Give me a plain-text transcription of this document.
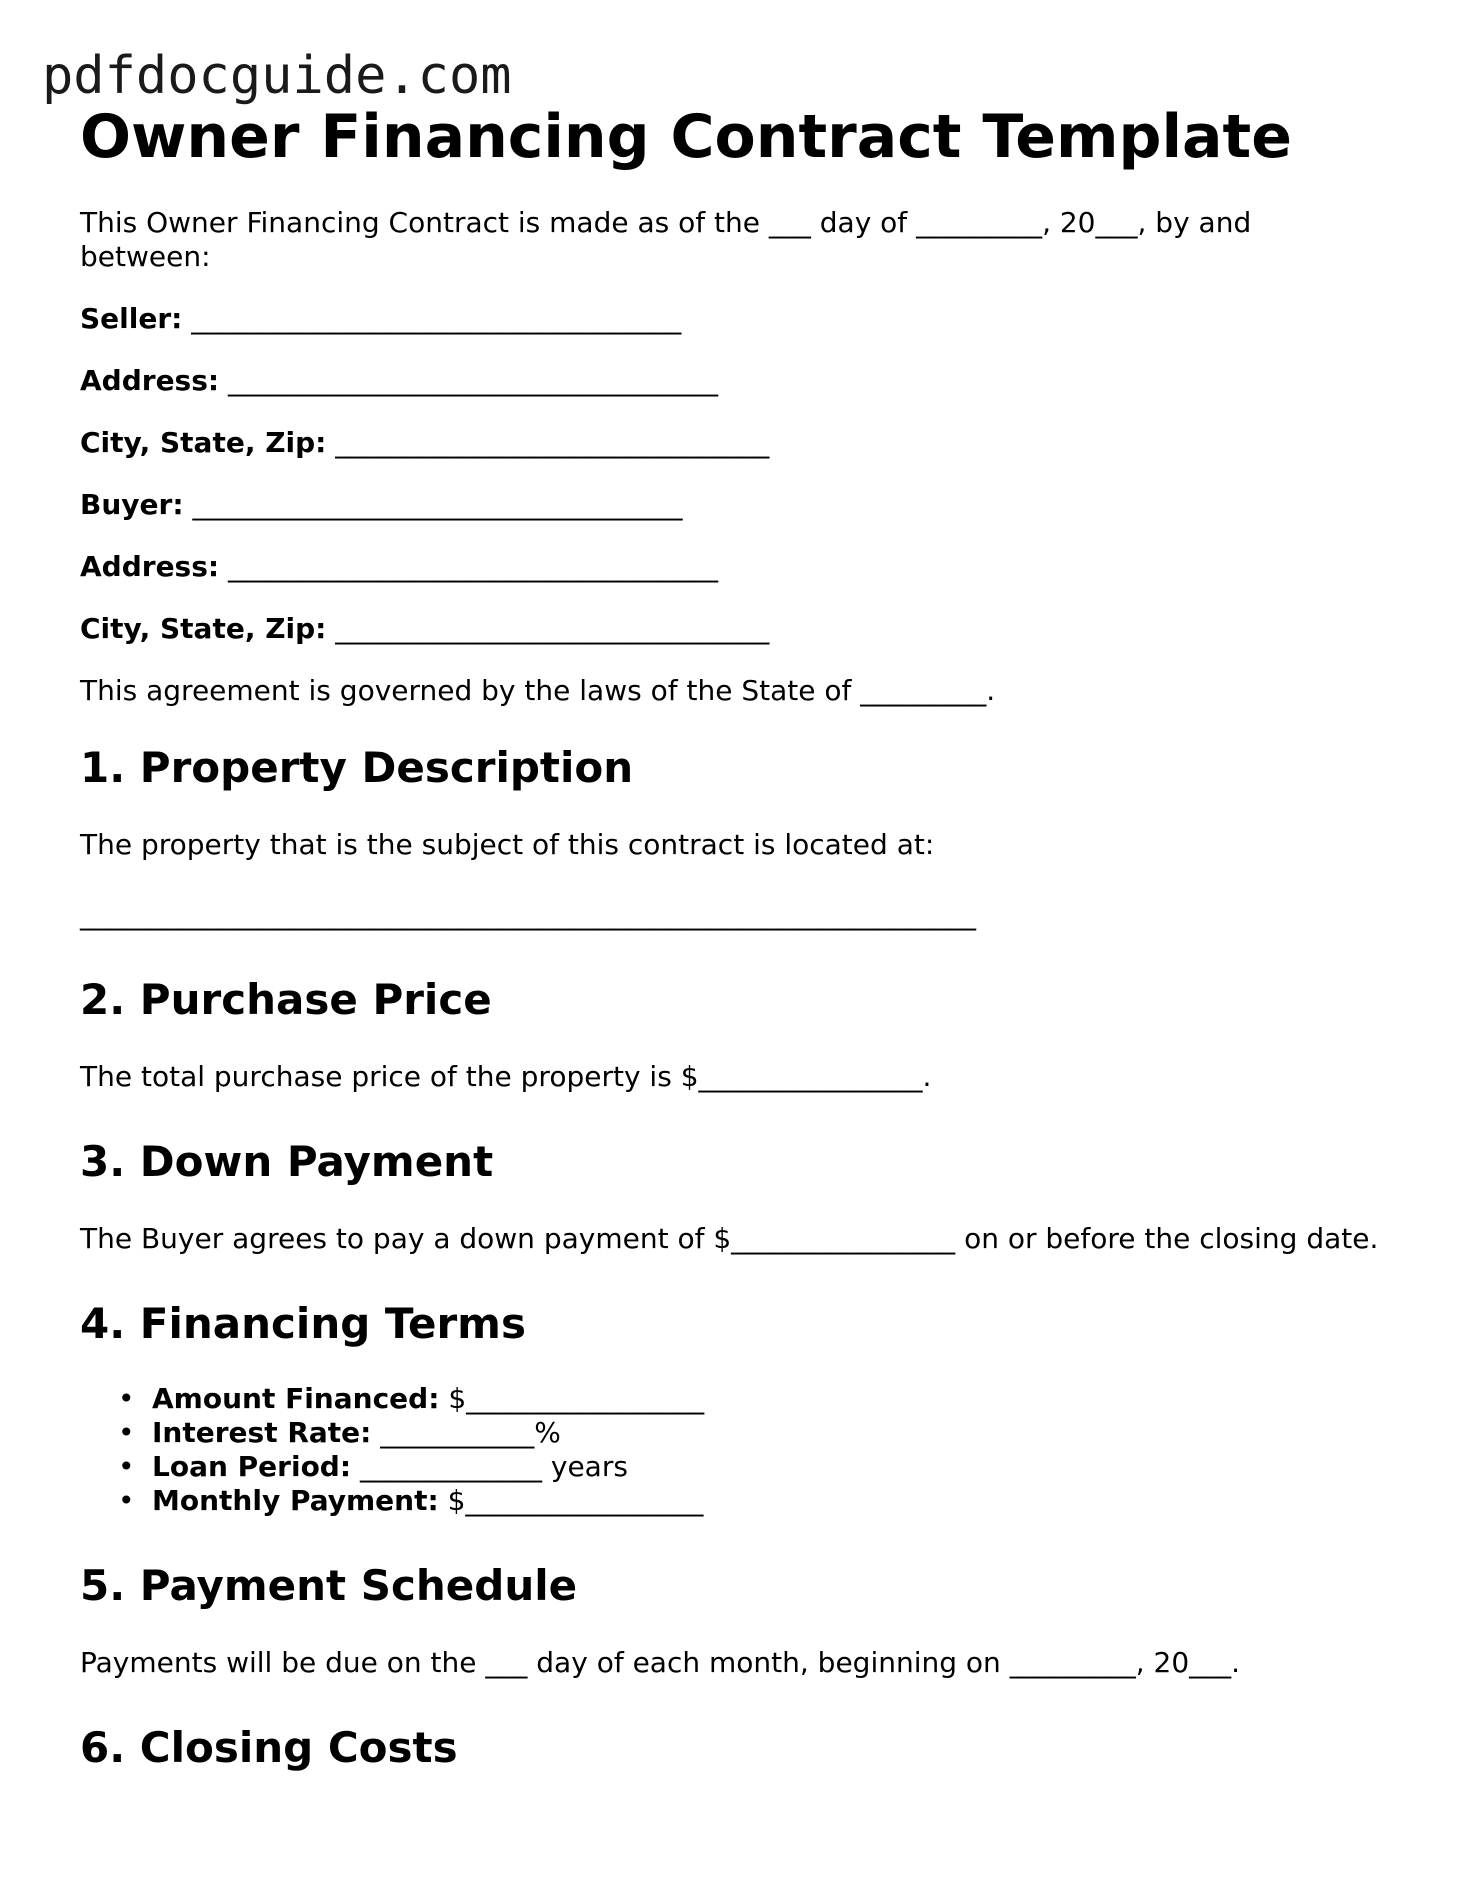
pdfdocguide.com
Owner Financing Contract Template

This Owner Financing Contract is made as of the ___ day of _________, 20___, by and between:

Seller: ___________________________________
Address: ___________________________________
City, State, Zip: _______________________________
Buyer: ___________________________________
Address: ___________________________________
City, State, Zip: _______________________________

This agreement is governed by the laws of the State of _________.

1. Property Description

The property that is the subject of this contract is located at:

________________________________________________________________
2. Purchase Price

The total purchase price of the property is $________________.

3. Down Payment

The Buyer agrees to pay a down payment of $________________ on or before the closing date.

4. Financing Terms
• Amount Financed: $_________________
• Interest Rate: ___________%
• Loan Period: _____________ years
• Monthly Payment: $_________________
5. Payment Schedule

Payments will be due on the ___ day of each month, beginning on _________, 20___.

6. Closing Costs
